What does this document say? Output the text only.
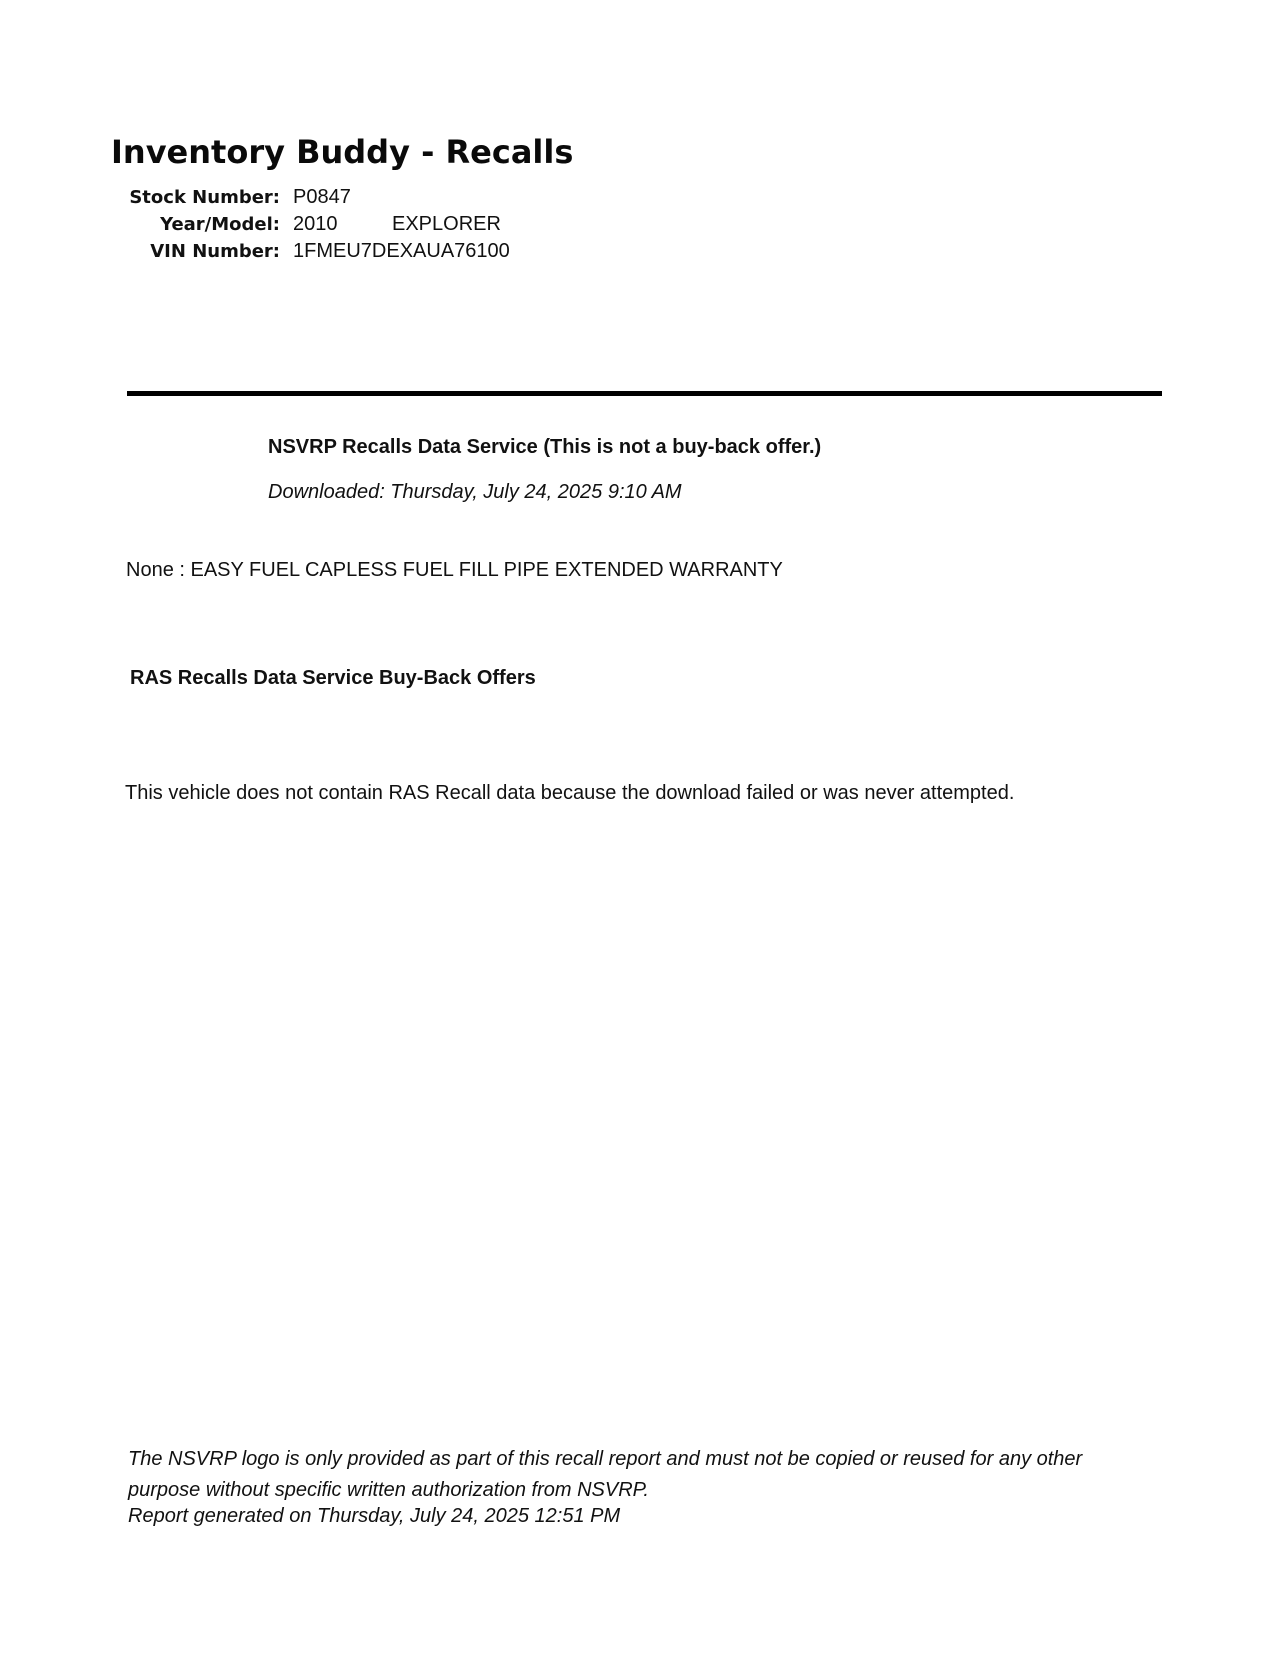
Inventory Buddy - Recalls
Stock Number: P0847
Year/Model: 2010	EXPLORER
VIN Number: 1FMEU7DEXAUA76100
NSVRP Recalls Data Service (This is not a buy-back offer.)
Downloaded: Thursday, July 24, 2025 9:10 AM
None : EASY FUEL CAPLESS FUEL FILL PIPE EXTENDED WARRANTY
RAS Recalls Data Service Buy-Back Offers
This vehicle does not contain RAS Recall data because the download failed or was never attempted.
The NSVRP logo is only provided as part of this recall report and must not be copied or reused for any other purpose without specific written authorization from NSVRP.
Report generated on Thursday, July 24, 2025 12:51 PM
